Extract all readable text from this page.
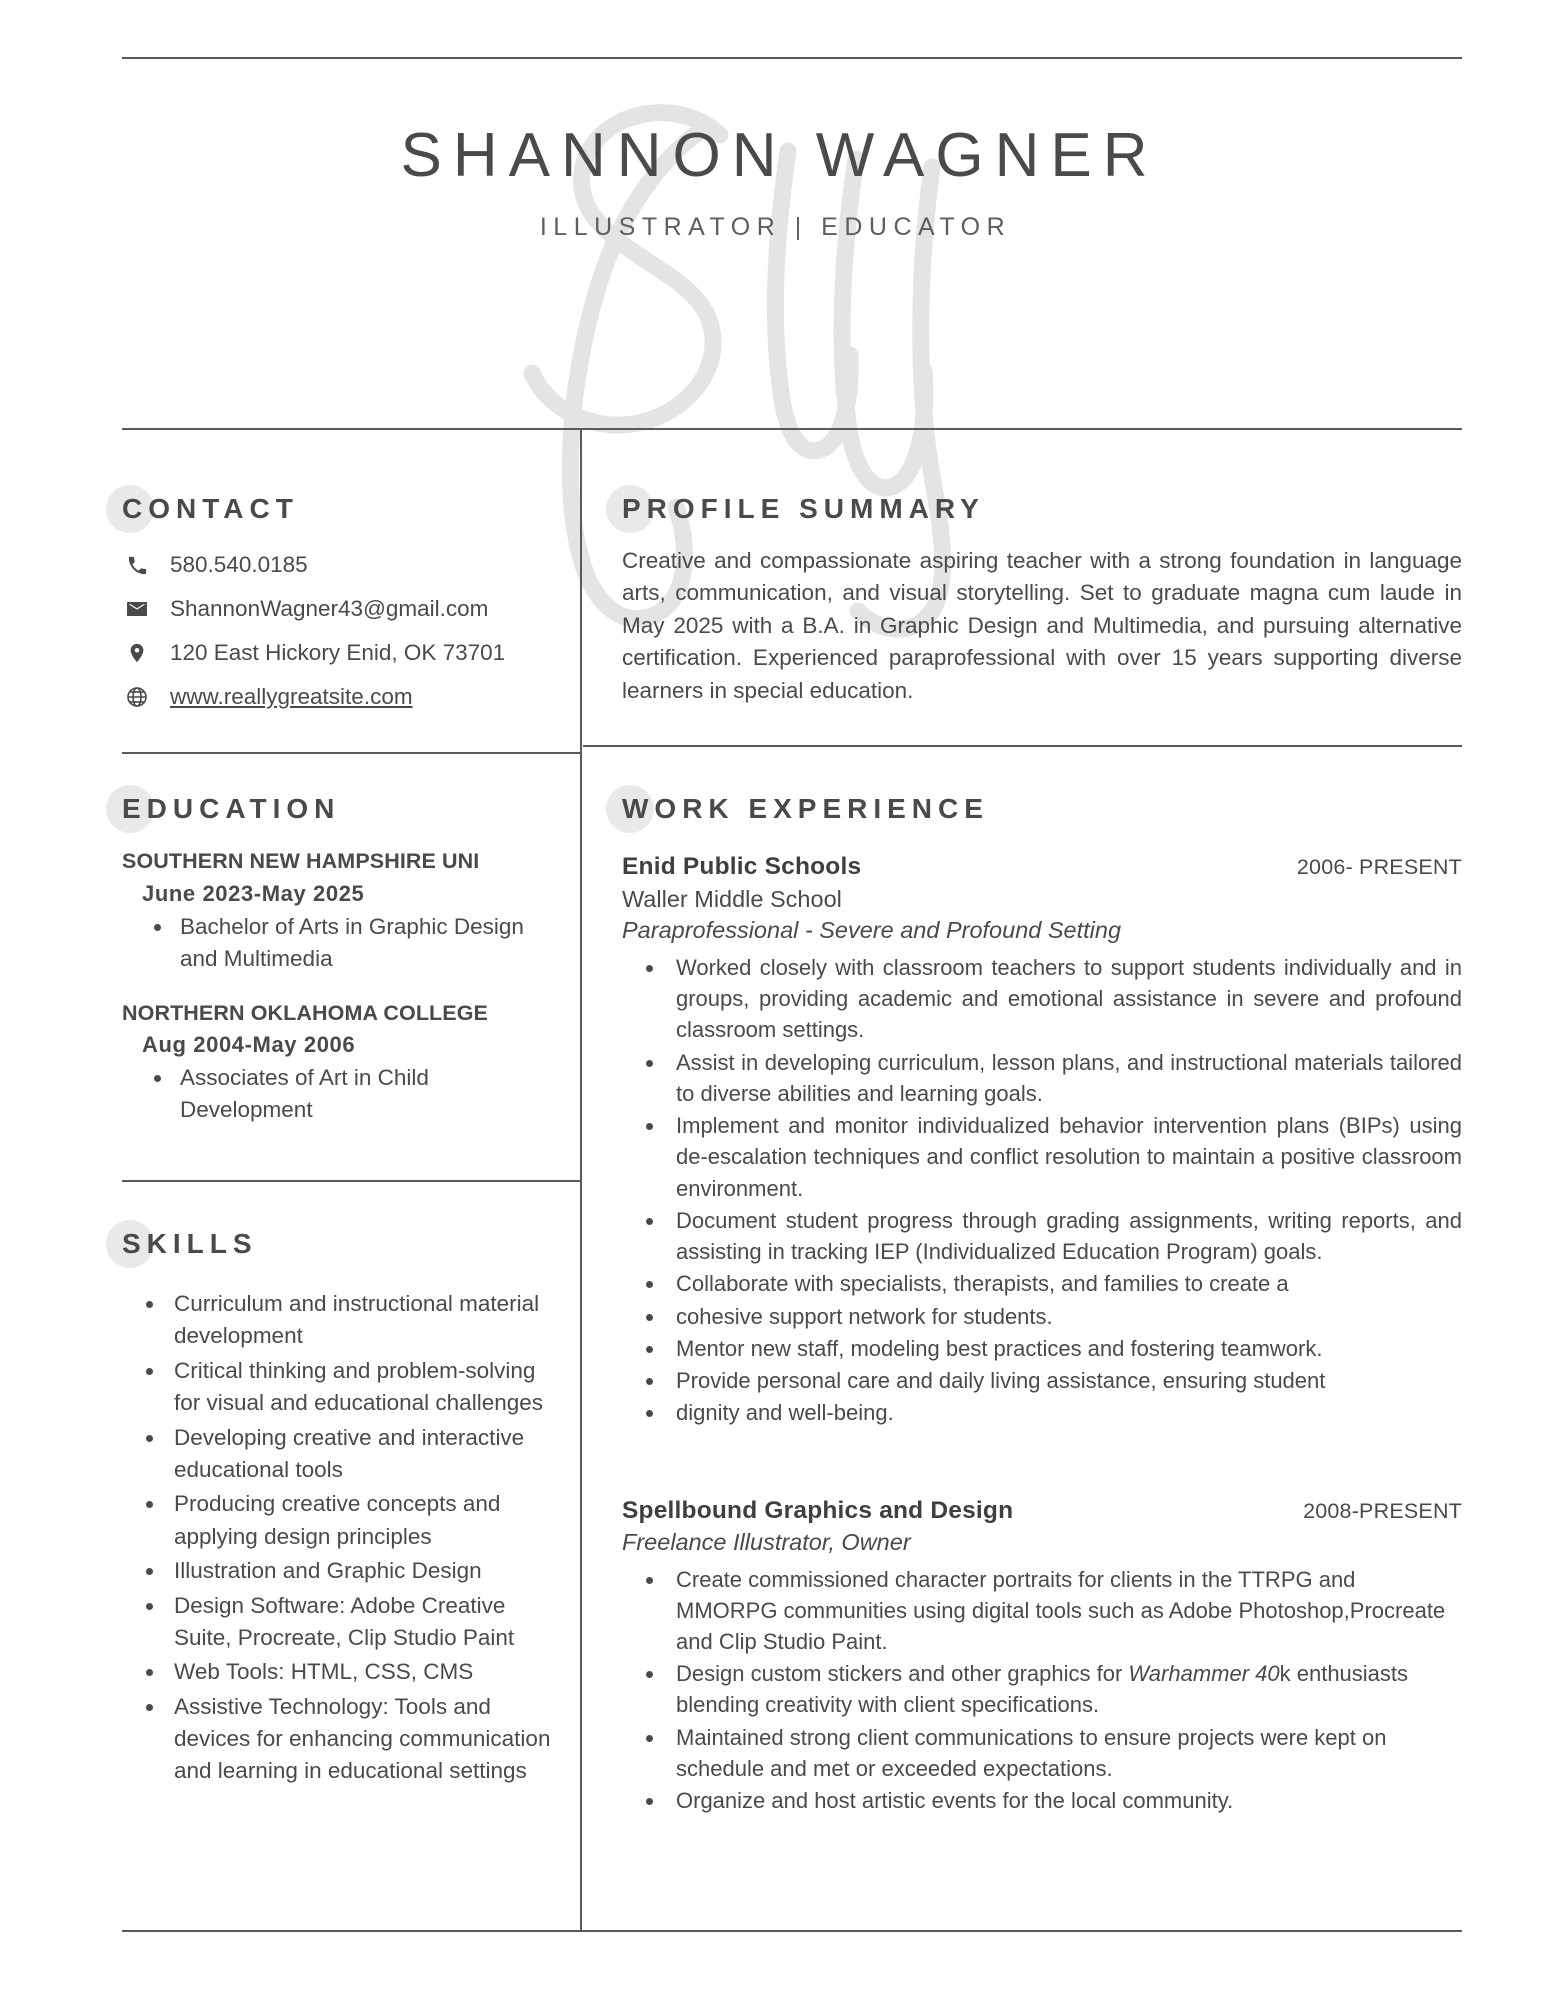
SHANNON WAGNER
ILLUSTRATOR | EDUCATOR
CONTACT
580.540.0185
ShannonWagner43@gmail.com
120 East Hickory Enid, OK 73701
www.reallygreatsite.com
EDUCATION
SOUTHERN NEW HAMPSHIRE UNI
June 2023-May 2025
• Bachelor of Arts in Graphic Design and Multimedia
NORTHERN OKLAHOMA COLLEGE
Aug 2004-May 2006
• Associates of Art in Child Development
SKILLS
• Curriculum and instructional material development
• Critical thinking and problem-solving for visual and educational challenges
• Developing creative and interactive educational tools
• Producing creative concepts and applying design principles
• Illustration and Graphic Design
• Design Software: Adobe Creative Suite, Procreate, Clip Studio Paint
• Web Tools: HTML, CSS, CMS
• Assistive Technology: Tools and devices for enhancing communication and learning in educational settings
PROFILE SUMMARY

Creative and compassionate aspiring teacher with a strong foundation in language arts, communication, and visual storytelling. Set to graduate magna cum laude in May 2025 with a B.A. in Graphic Design and Multimedia, and pursuing alternative certification. Experienced paraprofessional with over 15 years supporting diverse learners in special education.

WORK EXPERIENCE
Enid Public Schools	2006- PRESENT
Waller Middle School
Paraprofessional - Severe and Profound Setting
• Worked closely with classroom teachers to support students individually and in groups, providing academic and emotional assistance in severe and profound classroom settings.
• Assist in developing curriculum, lesson plans, and instructional materials tailored to diverse abilities and learning goals.
• Implement and monitor individualized behavior intervention plans (BIPs) using de-escalation techniques and conflict resolution to maintain a positive classroom environment.
• Document student progress through grading assignments, writing reports, and assisting in tracking IEP (Individualized Education Program) goals.
• Collaborate with specialists, therapists, and families to create a
• cohesive support network for students.
• Mentor new staff, modeling best practices and fostering teamwork.
• Provide personal care and daily living assistance, ensuring student
• dignity and well-being.
Spellbound Graphics and Design	2008-PRESENT
Freelance Illustrator, Owner
• Create commissioned character portraits for clients in the TTRPG and MMORPG communities using digital tools such as Adobe Photoshop,Procreate and Clip Studio Paint.
• Design custom stickers and other graphics for Warhammer 40k enthusiasts blending creativity with client specifications.
• Maintained strong client communications to ensure projects were kept on schedule and met or exceeded expectations.
• Organize and host artistic events for the local community.
